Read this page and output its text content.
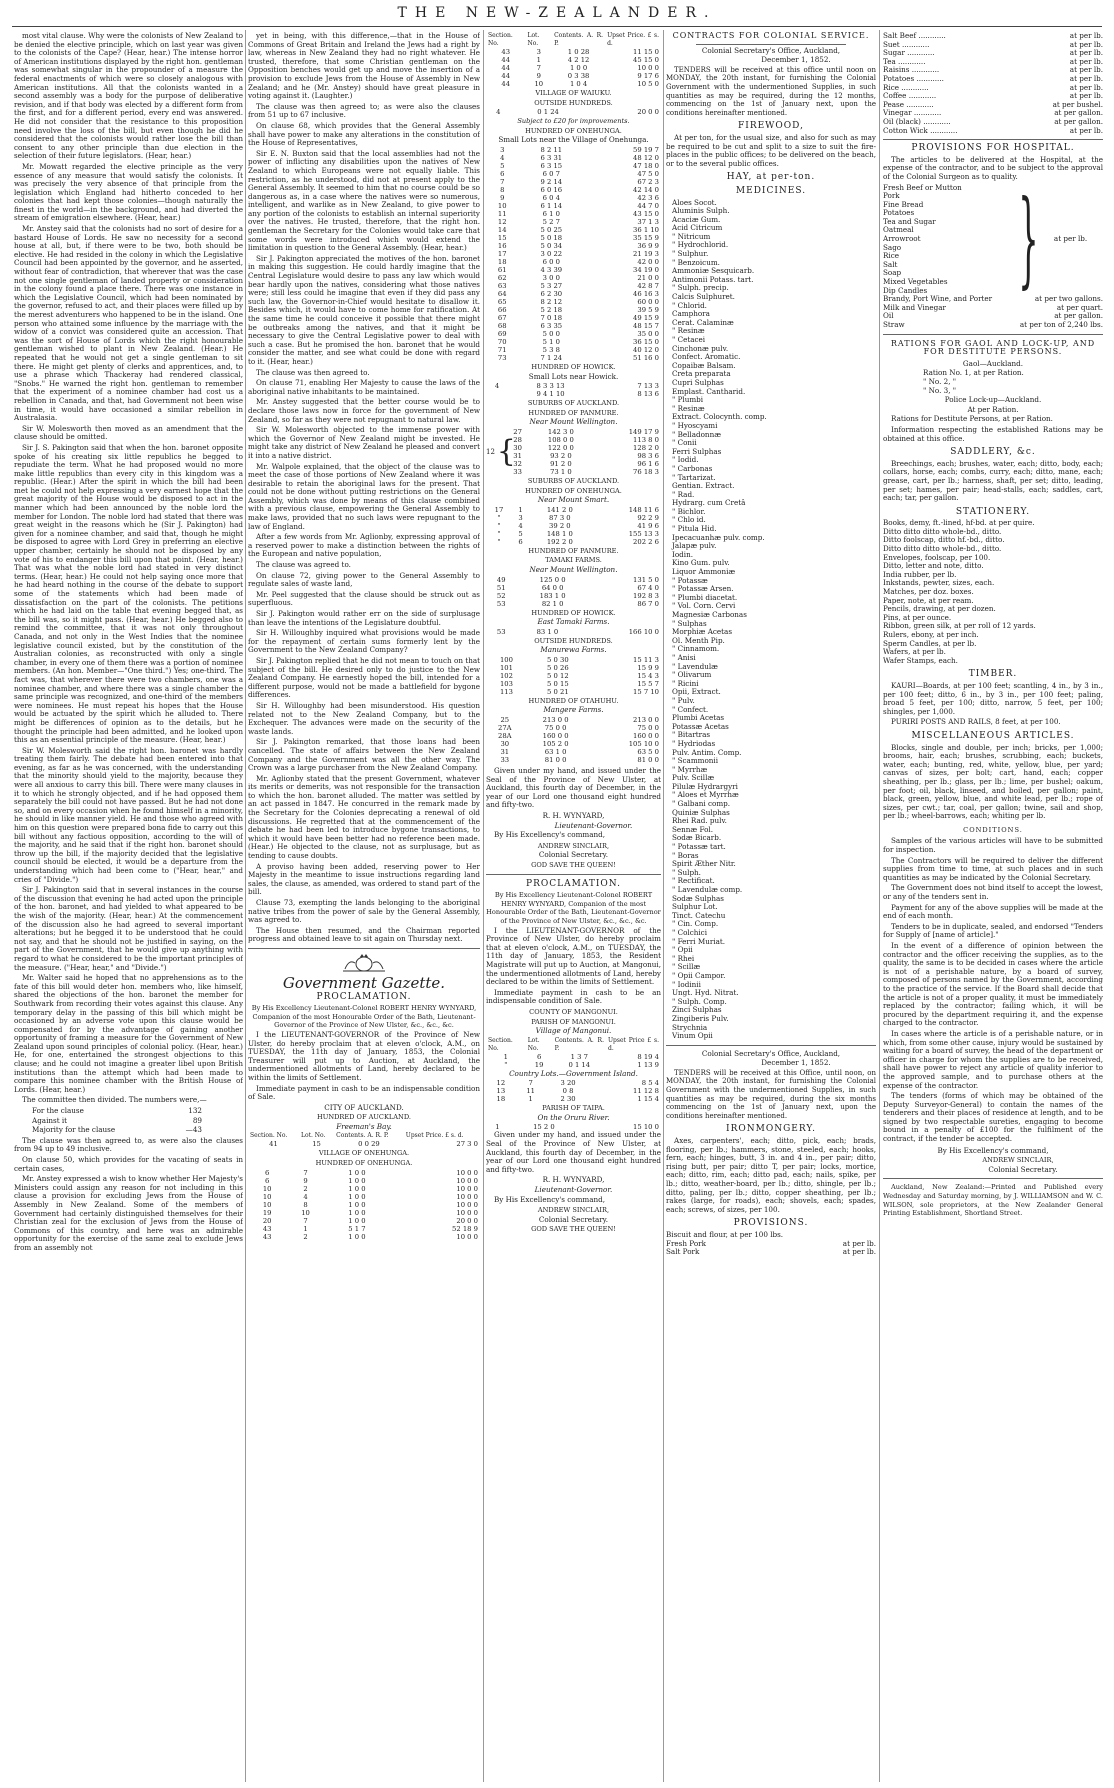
THE NEW-ZEALANDER.

most vital clause. Why were the colonists of New Zealand to be denied the elective principle, which on last year was given to the colonists of the Cape? (Hear, hear.) The intense horror of American institutions displayed by the right hon. gentleman was somewhat singular in the propounder of a measure the federal enactments of which were so closely analogous with American institutions. All that the colonists wanted in a second assembly was a body for the purpose of deliberative revision, and if that body was elected by a different form from the first, and for a different period, every end was answered. He did not consider that the resistance to this proposition need involve the loss of the bill, but even though he did he considered that the colonists would rather lose the bill than consent to any other principle than due election in the selection of their future legislators. (Hear, hear.)

Mr. Mowatt regarded the elective principle as the very essence of any measure that would satisfy the colonists. It was precisely the very absence of that principle from the legislation which England had hitherto conceded to her colonies that had kept those colonies—though naturally the finest in the world—in the background, and had diverted the stream of emigration elsewhere. (Hear, hear.)

Mr. Anstey said that the colonists had no sort of desire for a bastard House of Lords. He saw no necessity for a second house at all, but, if there were to be two, both should be elective. He had resided in the colony in which the Legislative Council had been appointed by the governor, and he asserted, without fear of contradiction, that wherever that was the case not one single gentleman of landed property or consideration in the colony found a place there. There was one instance in which the Legislative Council, which had been nominated by the governor, refused to act, and their places were filled up by the merest adventurers who happened to be in the island. One person who attained some influence by the marriage with the widow of a convict was considered quite an accession. That was the sort of House of Lords which the right honourable gentleman wished to plant in New Zealand. (Hear.) He repeated that he would not get a single gentleman to sit there. He might get plenty of clerks and apprentices, and, to use a phrase which Thackeray had rendered classical, "Snobs." He warned the right hon. gentleman to remember that the experiment of a nominee chamber had cost us a rebellion in Canada, and that, had Government not been wise in time, it would have occasioned a similar rebellion in Australasia.

Sir W. Molesworth then moved as an amendment that the clause should be omitted.

Sir J. S. Pakington said that when the hon. baronet opposite spoke of his creating six little republics he begged to repudiate the term. What he had proposed would no more make little republics than every city in this kingdom was a republic. (Hear.) After the spirit in which the bill had been met he could not help expressing a very earnest hope that the great majority of the House would be disposed to act in the manner which had been announced by the noble lord the member for London. The noble lord had stated that there was great weight in the reasons which he (Sir J. Pakington) had given for a nominee chamber, and said that, though he might be disposed to agree with Lord Grey in preferring an elective upper chamber, certainly he should not be disposed by any vote of his to endanger this bill upon that point. (Hear, hear.) That was what the noble lord had stated in very distinct terms. (Hear, hear.) He could not help saying once more that he had heard nothing in the course of the debate to support some of the statements which had been made of dissatisfaction on the part of the colonists. The petitions which he had laid on the table that evening begged that, as the bill was, so it might pass. (Hear, hear.) He begged also to remind the committee, that it was not only throughout Canada, and not only in the West Indies that the nominee legislative council existed, but by the constitution of the Australian colonies, as reconstructed with only a single chamber, in every one of them there was a portion of nominee members. (An hon. Member—"One third.") Yes; one-third. The fact was, that wherever there were two chambers, one was a nominee chamber, and where there was a single chamber the same principle was recognized, and one-third of the members were nominees. He must repeat his hopes that the House would be actuated by the spirit which he alluded to. There might be differences of opinion as to the details, but he thought the principle had been admitted, and he looked upon this as an essential principle of the measure. (Hear, hear.)

Sir W. Molesworth said the right hon. baronet was hardly treating them fairly. The debate had been entered into that evening, as far as he was concerned, with the understanding that the minority should yield to the majority, because they were all anxious to carry this bill. There were many clauses in it to which he strongly objected, and if he had opposed them separately the bill could not have passed. But he had not done so, and on every occasion when he found himself in a minority, he should in like manner yield. He and those who agreed with him on this question were prepared bona fide to carry out this bill without any factious opposition, according to the will of the majority, and he said that if the right hon. baronet should throw up the bill, if the majority decided that the legislative council should be elected, it would be a departure from the understanding which had been come to ("Hear, hear," and cries of "Divide.")

Sir J. Pakington said that in several instances in the course of the discussion that evening he had acted upon the principle of the hon. baronet, and had yielded to what appeared to be the wish of the majority. (Hear, hear.) At the commencement of the discussion also he had agreed to several important alterations; but he begged it to be understood that he could not say, and that he should not be justified in saying, on the part of the Government, that he would give up anything with regard to what he considered to be the important principles of the measure. ("Hear, hear," and "Divide.")

Mr. Walter said he hoped that no apprehensions as to the fate of this bill would deter hon. members who, like himself, shared the objections of the hon. baronet the member for Southwark from recording their votes against this clause. Any temporary delay in the passing of this bill which might be occasioned by an adverse vote upon this clause would be compensated for by the advantage of gaining another opportunity of framing a measure for the Government of New Zealand upon sound principles of colonial policy. (Hear, hear.) He, for one, entertained the strongest objections to this clause; and he could not imagine a greater libel upon British institutions than the attempt which had been made to compare this nominee chamber with the British House of Lords. (Hear, hear.)

The committee then divided. The numbers were,—

For the clause	132
Against it	89
Majority for the clause	—43

The clause was then agreed to, as were also the clauses from 94 up to 49 inclusive.

On clause 50, which provides for the vacating of seats in certain cases,

Mr. Anstey expressed a wish to know whether Her Majesty's Ministers could assign any reason for not including in this clause a provision for excluding Jews from the House of Assembly in New Zealand. Some of the members of Government had certainly distinguished themselves for their Christian zeal for the exclusion of Jews from the House of Commons of this country, and here was an admirable opportunity for the exercise of the same zeal to exclude Jews from an assembly not

yet in being, with this difference,—that in the House of Commons of Great Britain and Ireland the Jews had a right by law, whereas in New Zealand they had no right whatever. He trusted, therefore, that some Christian gentleman on the Opposition benches would get up and move the insertion of a provision to exclude Jews from the House of Assembly in New Zealand; and he (Mr. Anstey) should have great pleasure in voting against it. (Laughter.)

The clause was then agreed to; as were also the clauses from 51 up to 67 inclusive.

On clause 68, which provides that the General Assembly shall have power to make any alterations in the constitution of the House of Representatives,

Sir E. N. Buxton said that the local assemblies had not the power of inflicting any disabilities upon the natives of New Zealand to which Europeans were not equally liable. This restriction, as he understood, did not at present apply to the General Assembly. It seemed to him that no course could be so dangerous as, in a case where the natives were so numerous, intelligent, and warlike as in New Zealand, to give power to any portion of the colonists to establish an internal superiority over the natives. He trusted, therefore, that the right hon. gentleman the Secretary for the Colonies would take care that some words were introduced which would extend the limitation in question to the General Assembly. (Hear, hear.)

Sir J. Pakington appreciated the motives of the hon. baronet in making this suggestion. He could hardly imagine that the Central Legislature would desire to pass any law which would bear hardly upon the natives, considering what those natives were; still less could he imagine that even if they did pass any such law, the Governor-in-Chief would hesitate to disallow it. Besides which, it would have to come home for ratification. At the same time he could conceive it possible that there might be outbreaks among the natives, and that it might be necessary to give the Central Legislative power to deal with such a case. But he promised the hon. baronet that he would consider the matter, and see what could be done with regard to it. (Hear, hear.)

The clause was then agreed to.

On clause 71, enabling Her Majesty to cause the laws of the aboriginal native inhabitants to be maintained.

Mr. Anstey suggested that the better course would be to declare those laws now in force for the government of New Zealand, so far as they were not repugnant to natural law.

Sir W. Molesworth objected to the immense power with which the Governor of New Zealand might be invested. He might take any district of New Zealand he pleased and convert it into a native district.

Mr. Walpole explained, that the object of the clause was to meet the case of those portions of New Zealand where it was desirable to retain the aboriginal laws for the present. That could not be done without putting restrictions on the General Assembly, which was done by means of this clause combined with a previous clause, empowering the General Assembly to make laws, provided that no such laws were repugnant to the law of England.

After a few words from Mr. Aglionby, expressing approval of a reserved power to make a distinction between the rights of the European and native population,

The clause was agreed to.

On clause 72, giving power to the General Assembly to regulate sales of waste land,

Mr. Peel suggested that the clause should be struck out as superfluous.

Sir J. Pakington would rather err on the side of surplusage than leave the intentions of the Legislature doubtful.

Sir H. Willoughby inquired what provisions would be made for the repayment of certain sums formerly lent by the Government to the New Zealand Company?

Sir J. Pakington replied that he did not mean to touch on that subject of the bill. He desired only to do justice to the New Zealand Company. He earnestly hoped the bill, intended for a different purpose, would not be made a battlefield for bygone differences.

Sir H. Willoughby had been misunderstood. His question related not to the New Zealand Company, but to the Exchequer. The advances were made on the security of the waste lands.

Sir J. Pakington remarked, that those loans had been cancelled. The state of affairs between the New Zealand Company and the Government was all the other way. The Crown was a large purchaser from the New Zealand Company.

Mr. Aglionby stated that the present Government, whatever its merits or demerits, was not responsible for the transaction to which the hon. baronet alluded. The matter was settled by an act passed in 1847. He concurred in the remark made by the Secretary for the Colonies deprecating a renewal of old discussions. He regretted that at the commencement of the debate he had been led to introduce bygone transactions, to which it would have been better had no reference been made. (Hear.) He objected to the clause, not as surplusage, but as tending to cause doubts.

A proviso having been added, reserving power to Her Majesty in the meantime to issue instructions regarding land sales, the clause, as amended, was ordered to stand part of the bill.

Clause 73, exempting the lands belonging to the aboriginal native tribes from the power of sale by the General Assembly, was agreed to.

The House then resumed, and the Chairman reported progress and obtained leave to sit again on Thursday next.

Government Gazette.
PROCLAMATION.

By His Excellency Lieutenant-Colonel ROBERT HENRY WYNYARD, Companion of the most Honourable Order of the Bath, Lieutenant-Governor of the Province of New Ulster, &c., &c., &c.

I the LIEUTENANT-GOVERNOR of the Province of New Ulster, do hereby proclaim that at eleven o'clock, A.M., on TUESDAY, the 11th day of January, 1853, the Colonial Treasurer will put up to Auction, at Auckland, the undermentioned allotments of Land, hereby declared to be within the limits of Settlement.

Immediate payment in cash to be an indispensable condition of Sale.

CITY OF AUCKLAND.

HUNDRED OF AUCKLAND.

Freeman's Bay.

Section. No.	Lot. No.	Contents. A. R. P.	Upset Price. £ s. d.
41	15	0 0 29	27 3 0

VILLAGE OF ONEHUNGA.

HUNDRED OF ONEHUNGA.

6	7	1 0 0	10 0 0
6	9	1 0 0	10 0 0
10	2	1 0 0	10 0 0
10	4	1 0 0	10 0 0
10	8	1 0 0	10 0 0
19	10	1 0 0	10 0 0
20	7	1 0 0	20 0 0
43	1	5 1 7	52 18 9
43	2	1 0 0	10 0 0
Section. No.	Lot. No.	Contents. A. R. P.	Upset Price. £ s. d.
43	3	1 0 28	11 15 0
44	1	4 2 12	45 15 0
44	7	1 0 0	10 0 0
44	9	0 3 38	9 17 6
44	10	1 0 4	10 5 0

VILLAGE OF WAIUKU.

OUTSIDE HUNDREDS.

4	0 1 24	20 0 0

Subject to £20 for improvements.

HUNDRED OF ONEHUNGA.

Small Lots near the Village of Onehunga.

3	8 2 11	59 19 7
4	6 3 31	48 12 0
5	6 3 15	47 18 0
6	6 0 7	47 5 0
7	9 2 14	67 2 3
8	6 0 16	42 14 0
9	6 0 4	42 3 6
10	6 1 14	44 7 0
11	6 1 0	43 15 0
12	5 2 7	37 1 3
14	5 0 25	36 1 10
15	5 0 18	35 15 9
16	5 0 34	36 9 9
17	3 0 22	21 19 3
18	6 0 0	42 0 0
61	4 3 39	34 19 0
62	3 0 0	21 0 0
63	5 3 27	42 8 7
64	6 2 30	46 16 3
65	8 2 12	60 0 0
66	5 2 18	39 5 9
67	7 0 18	49 15 9
68	6 3 35	48 15 7
69	5 0 0	35 0 0
70	5 1 0	36 15 0
71	5 3 8	40 12 0
73	7 1 24	51 16 0

HUNDRED OF HOWICK.

Small Lots near Howick.

4	8 3 3 13	7 13 3
	9 4 1 10	8 13 6

SUBURBS OF AUCKLAND.

HUNDRED OF PANMURE.

Near Mount Wellington.

12 {
27	142 3 0	149 17 9
28	108 0 0	113 8 0
30	122 0 0	128 2 0
31	93 2 0	98 3 6
32	91 2 0	96 1 6
33	73 1 0	76 18 3

SUBURBS OF AUCKLAND.

HUNDRED OF ONEHUNGA.

Near Mount Smart.

17	1	141 2 0	148 11 6
"	3	87 3 0	92 2 9
"	4	39 2 0	41 9 6
"	5	148 1 0	155 13 3
"	6	192 2 0	202 2 6

HUNDRED OF PANMURE.

TAMAKI FARMS.

Near Mount Wellington.

49	125 0 0	131 5 0
51	64 0 0	67 4 0
52	183 1 0	192 8 3
53	82 1 0	86 7 0

HUNDRED OF HOWICK.

East Tamaki Farms.

53	83 1 0	166 10 0

OUTSIDE HUNDREDS.

Manurewa Farms.

100	5 0 30	15 11 3
101	5 0 26	15 9 9
102	5 0 12	15 4 3
103	5 0 15	15 5 7
113	5 0 21	15 7 10

HUNDRED OF OTAHUHU.

Mangere Farms.

25	213 0 0	213 0 0
27A	75 0 0	75 0 0
28A	160 0 0	160 0 0
30	105 2 0	105 10 0
31	63 1 0	63 5 0
33	81 0 0	81 0 0

Given under my hand, and issued under the Seal of the Province of New Ulster, at Auckland, this fourth day of December, in the year of our Lord one thousand eight hundred and fifty-two.

R. H. WYNYARD,

Lieutenant-Governor.

By His Excellency's command,

ANDREW SINCLAIR,

Colonial Secretary.

GOD SAVE THE QUEEN!

PROCLAMATION.

By His Excellency Lieutenant-Colonel ROBERT HENRY WYNYARD, Companion of the most Honourable Order of the Bath, Lieutenant-Governor of the Province of New Ulster, &c., &c., &c.

I the LIEUTENANT-GOVERNOR of the Province of New Ulster, do hereby proclaim that at eleven o'clock, A.M., on TUESDAY, the 11th day of January, 1853, the Resident Magistrate will put up to Auction, at Mangonui, the undermentioned allotments of Land, hereby declared to be within the limits of Settlement.

Immediate payment in cash to be an indispensable condition of Sale.

COUNTY OF MANGONUI.

PARISH OF MANGONUI.

Village of Mangonui.

Section. No.	Lot. No.	Contents. A. R. P.	Upset Price £ s. d.
1	6	1 3 7	8 19 4
"	19	0 1 14	1 13 9

Country Lots.—Government Island.

12	7	3 20	8 5 4
13	11	0 8	11 12 8
18	1	2 30	1 15 4

PARISH OF TAIPA.

On the Oruru River.

1	15 2 0	15 10 0

Given under my hand, and issued under the Seal of the Province of New Ulster, at Auckland, this fourth day of December, in the year of our Lord one thousand eight hundred and fifty-two.

R. H. WYNYARD,

Lieutenant-Governor.

By His Excellency's command,

ANDREW SINCLAIR,

Colonial Secretary.

GOD SAVE THE QUEEN!

CONTRACTS FOR COLONIAL SERVICE.

Colonial Secretary's Office, Auckland,

December 1, 1852.

TENDERS will be received at this office until noon on MONDAY, the 20th instant, for furnishing the Colonial Government with the undermentioned Supplies, in such quantities as may be required, during the 12 months, commencing on the 1st of January next, upon the conditions hereinafter mentioned.

FIREWOOD,

At per ton, for the usual size, and also for such as may be required to be cut and split to a size to suit the fire-places in the public offices; to be delivered on the beach, or to the several public offices.

HAY, at per-ton.
MEDICINES.
Aloes Socot.
Aluminis Sulph.
Acaciæ Gum.
Acid Citricum
" Nitricum
" Hydrochlorid.
" Sulphur.
" Benzoicum.
Ammoniæ Sesquicarb.
Antimonii Potass. tart.
" Sulph. precip.
Calcis Sulphuret.
" Chlorid.
Camphora
Cerat. Calaminæ
" Resinæ
" Cetacei
Cinchonæ pulv.
Confect. Aromatic.
Copaibæ Balsam.
Creta preparata
Cupri Sulphas
Emplast. Cantharid.
" Plumbi
" Resinæ
Extract. Colocynth. comp.
" Hyoscyami
" Belladonnæ
" Conii
Ferri Sulphas
" Iodid.
" Carbonas
" Tartarizat.
Gentian. Extract.
" Rad.
Hydrarg. cum Cretâ
" Bichlor.
" Chlo id.
" Pitula Hid.
Ipecacuanhæ pulv. comp.
Jalapæ pulv.
Iodin.
Kino Gum. pulv.
Liquor Ammoniæ
" Potassæ
" Potassæ Arsen.
" Plumbi diacetat.
" Vol. Corn. Cervi
Magnesiæ Carbonas
" Sulphas
Morphiæ Acetas
Ol. Menth Pip.
" Cinnamom.
" Anisi
" Lavendulæ
" Olivarum
" Ricini
Opii, Extract.
" Pulv.
" Confect.
Plumbi Acetas
Potassæ Acetas
" Bitartras
" Hydriodas
Pulv. Antim. Comp.
" Scammonii
" Myrrhæ
Pulv. Scillæ
Pilulæ Hydrargyri
" Aloes et Myrrhæ
" Galbani comp.
Quiniæ Sulphas
Rhei Rad. pulv.
Sennæ Fol.
Sodæ Bicarb.
" Potassæ tart.
" Boras
Spirit Æther Nitr.
" Sulph.
" Rectificat.
" Lavendulæ comp.
Sodæ Sulphas
Sulphur Lot.
Tinct. Catechu
" Cin. Comp.
" Colchici
" Ferri Muriat.
" Opii
" Rhei
" Scillæ
" Opii Campor.
" Iodinii
Ungt. Hyd. Nitrat.
" Sulph. Comp.
Zinci Sulphas
Zingiberis Pulv.
Strychnia
Vinum Opii

Colonial Secretary's Office, Auckland,

December 1, 1852.

TENDERS will be received at this Office, until noon, on MONDAY, the 20th instant, for furnishing the Colonial Government with the undermentioned Supplies, in such quantities as may be required, during the six months commencing on the 1st of January next, upon the conditions hereinafter mentioned.

IRONMONGERY.

Axes, carpenters', each; ditto, pick, each; brads, flooring, per lb.; hammers, stone, steeled, each; hooks, fern, each; hinges, butt, 3 in. and 4 in., per pair; ditto, rising butt, per pair; ditto T, per pair; locks, mortice, each; ditto, rim, each; ditto pad, each; nails, spike, per lb.; ditto, weather-board, per lb.; ditto, shingle, per lb.; ditto, paling, per lb.; ditto, copper sheathing, per lb.; rakes (large, for roads), each; shovels, each; spades, each; screws, of sizes, per 100.

PROVISIONS.
Biscuit and flour, at per 100 lbs.
Fresh Pork	at per lb.
Salt Pork	at per lb.
Salt Beef ............	at per lb.
Suet ............	at per lb.
Sugar ............	at per lb.
Tea ............	at per lb.
Raisins ............	at per lb.
Potatoes ............	at per lb.
Rice ............	at per lb.
Coffee ............	at per lb.
Pease ............	at per bushel.
Vinegar ............	at per gallon.
Oil (black) ............	at per gallon.
Cotton Wick ............	at per lb.
PROVISIONS FOR HOSPITAL.

The articles to be delivered at the Hospital, at the expense of the contractor, and to be subject to the approval of the Colonial Surgeon as to quality.

Fresh Beef or Mutton
Pork
Fine Bread
Potatoes
Tea and Sugar
Oatmeal
Arrowroot
Sago
Rice
Salt
Soap
Mixed Vegetables
Dip Candles	} at per lb.
Brandy, Port Wine, and Porter	at per two gallons.
Milk and Vinegar	at per quart.
Oil	at per gallon.
Straw	at per ton of 2,240 lbs.
RATIONS FOR GAOL AND LOCK-UP, AND FOR DESTITUTE PERSONS.

Gaol—Auckland.

Ration No. 1, at per Ration.
" No. 2, "
" No. 3, "

Police Lock-up—Auckland.

At per Ration.

Rations for Destitute Persons, at per Ration.

Information respecting the established Rations may be obtained at this office.

SADDLERY, &c.

Breechings, each; brushes, water, each; ditto, body, each; collars, horse, each; combs, curry, each; ditto, mane, each; grease, cart, per lb.; harness, shaft, per set; ditto, leading, per set; hames, per pair; head-stalls, each; saddles, cart, each; tar, per gallon.

STATIONERY.
Books, demy, ft.-lined, hf-bd. at per quire.
Ditto ditto ditto whole-bd., ditto.
Ditto foolscap, ditto hf.-bd., ditto.
Ditto ditto ditto whole-bd., ditto.
Envelopes, foolscap, per 100.
Ditto, letter and note, ditto.
India rubber, per lb.
Inkstands, pewter, sizes, each.
Matches, per doz. boxes.
Paper, note, at per ream.
Pencils, drawing, at per dozen.
Pins, at per ounce.
Ribbon, green silk, at per roll of 12 yards.
Rulers, ebony, at per inch.
Sperm Candles, at per lb.
Wafers, at per lb.
Wafer Stamps, each.
TIMBER.

KAURI—Boards, at per 100 feet; scantling, 4 in., by 3 in., per 100 feet; ditto, 6 in., by 3 in., per 100 feet; paling, broad 5 feet, per 100; ditto, narrow, 5 feet, per 100; shingles, per 1,000.

PURIRI POSTS AND RAILS, 8 feet, at per 100.

MISCELLANEOUS ARTICLES.

Blocks, single and double, per inch; bricks, per 1,000; brooms, hair, each; brushes, scrubbing, each; buckets, water, each; bunting, red, white, yellow, blue, per yard; canvas of sizes, per bolt; cart, hand, each; copper sheathing, per lb.; glass, per lb.; lime, per bushel; oakum, per foot; oil, black, linseed, and boiled, per gallon; paint, black, green, yellow, blue, and white lead, per lb.; rope of sizes, per cwt.; tar, coal, per gallon; twine, sail and shop, per lb.; wheel-barrows, each; whiting per lb.

CONDITIONS.

Samples of the various articles will have to be submitted for inspection.

The Contractors will be required to deliver the different supplies from time to time, at such places and in such quantities as may be indicated by the Colonial Secretary.

The Government does not bind itself to accept the lowest, or any of the tenders sent in.

Payment for any of the above supplies will be made at the end of each month.

Tenders to be in duplicate, sealed, and endorsed "Tenders for Supply of [name of article]."

In the event of a difference of opinion between the contractor and the officer receiving the supplies, as to the quality, the same is to be decided in cases where the article is not of a perishable nature, by a board of survey, composed of persons named by the Government, according to the practice of the service. If the Board shall decide that the article is not of a proper quality, it must be immediately replaced by the contractor; failing which, it will be procured by the department requiring it, and the expense charged to the contractor.

In cases where the article is of a perishable nature, or in which, from some other cause, injury would be sustained by waiting for a board of survey, the head of the department or officer in charge for whom the supplies are to be received, shall have power to reject any article of quality inferior to the approved sample, and to purchase others at the expense of the contractor.

The tenders (forms of which may be obtained of the Deputy Surveyor-General) to contain the names of the tenderers and their places of residence at length, and to be signed by two respectable sureties, engaging to become bound in a penalty of £100 for the fulfilment of the contract, if the tender be accepted.

By His Excellency's command,

ANDREW SINCLAIR,

Colonial Secretary.

Auckland, New Zealand:—Printed and Published every Wednesday and Saturday morning, by J. WILLIAMSON and W. C. WILSON, sole proprietors, at the New Zealander General Printing Establishment, Shortland Street.
